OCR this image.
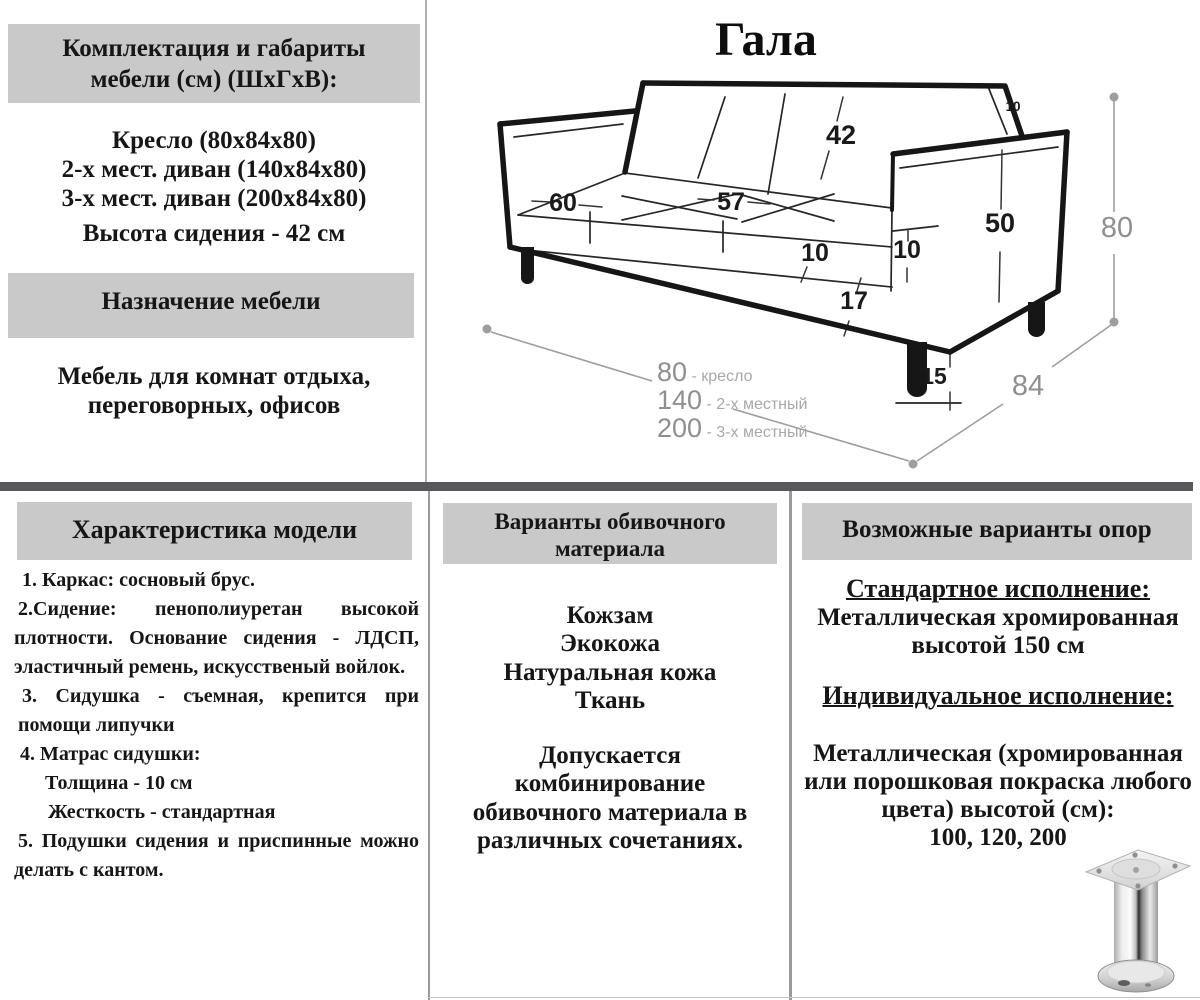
Комплектация и габариты
мебели (см) (ШхГхВ):
Кресло (80х84х80)
2-х мест. диван (140х84х80)
3-х мест. диван (200х84х80)
Высота сидения - 42 см
Назначение мебели
Мебель для комнат отдыха,
переговорных, офисов
Гала
80
84
80 - кресло
140 - 2-х местный
200 - 3-х местный
42
10
60	57
10
17
10
50
15
Характеристика модели
1. Каркас: сосновый брус.
2.Сидение: пенополиуретан высокой
плотности. Основание сидения - ЛДСП,
эластичный ремень, искусственый войлок.
3. Сидушка - съемная, крепится при
помощи липучки
4. Матрас сидушки:
Толщина - 10 см
Жесткость - стандартная
5. Подушки сидения и приспинные можно
делать с кантом.
Варианты обивочного
материала
Кожзам
Экокожа
Натуральная кожа
Ткань
Допускается
комбинирование
обивочного материала в
различных сочетаниях.
Возможные варианты опор
Стандартное исполнение:
Металлическая хромированная
высотой 150 см
Индивидуальное исполнение:
Металлическая (хромированная
или порошковая покраска любого
цвета) высотой (см):
100, 120, 200
